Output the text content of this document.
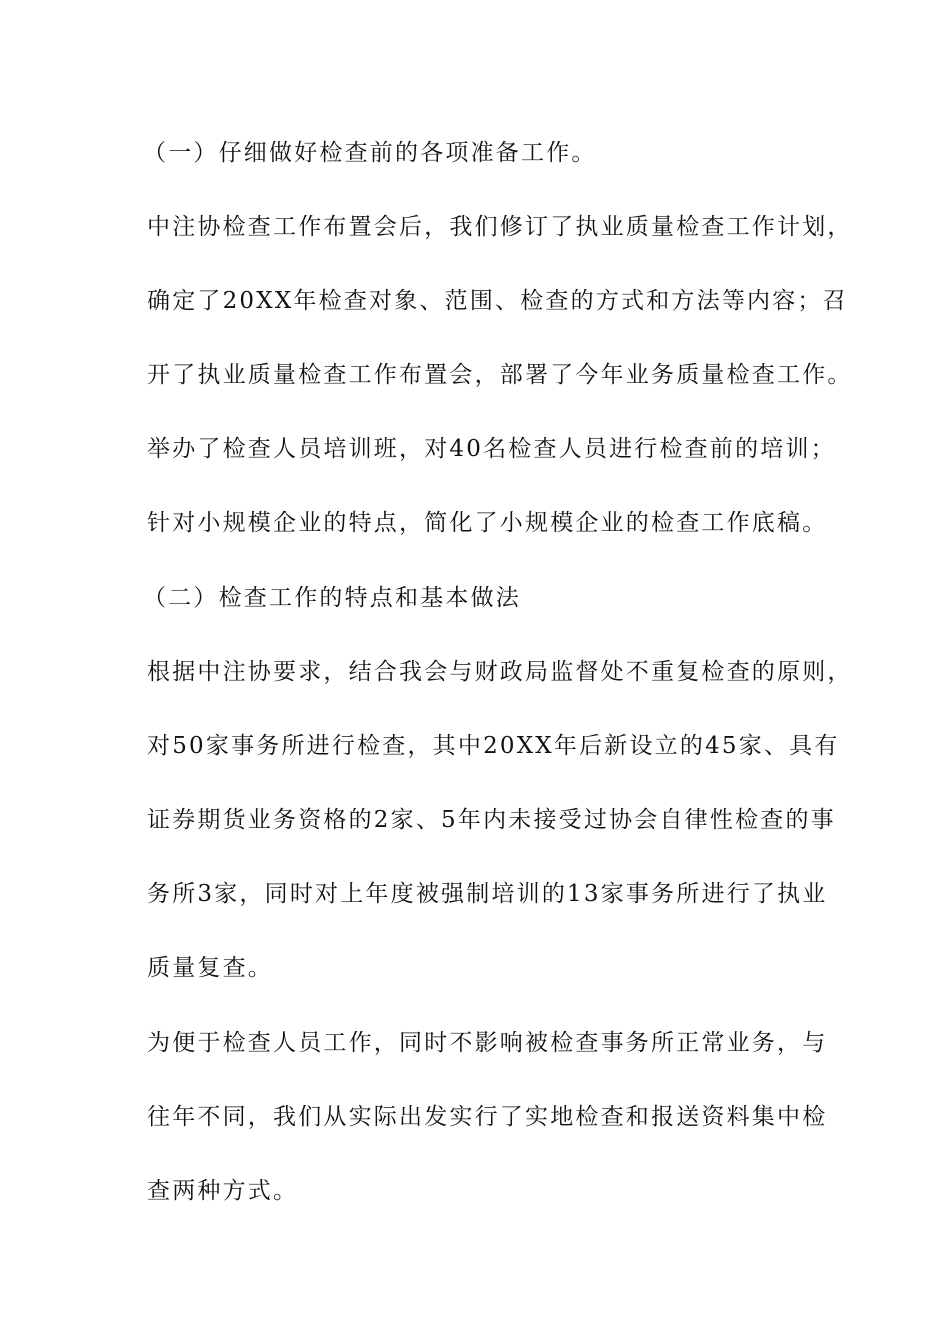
（一）仔细做好检查前的各项准备工作。
中注协检查工作布置会后，我们修订了执业质量检查工作计划，
确定了20XX年检查对象、范围、检查的方式和方法等内容；召
开了执业质量检查工作布置会，部署了今年业务质量检查工作。
举办了检查人员培训班，对40名检查人员进行检查前的培训；
针对小规模企业的特点，简化了小规模企业的检查工作底稿。
（二）检查工作的特点和基本做法
根据中注协要求，结合我会与财政局监督处不重复检查的原则，
对50家事务所进行检查，其中20XX年后新设立的45家、具有
证券期货业务资格的2家、5年内未接受过协会自律性检查的事
务所3家，同时对上年度被强制培训的13家事务所进行了执业
质量复查。
为便于检查人员工作，同时不影响被检查事务所正常业务，与
往年不同，我们从实际出发实行了实地检查和报送资料集中检
查两种方式。
